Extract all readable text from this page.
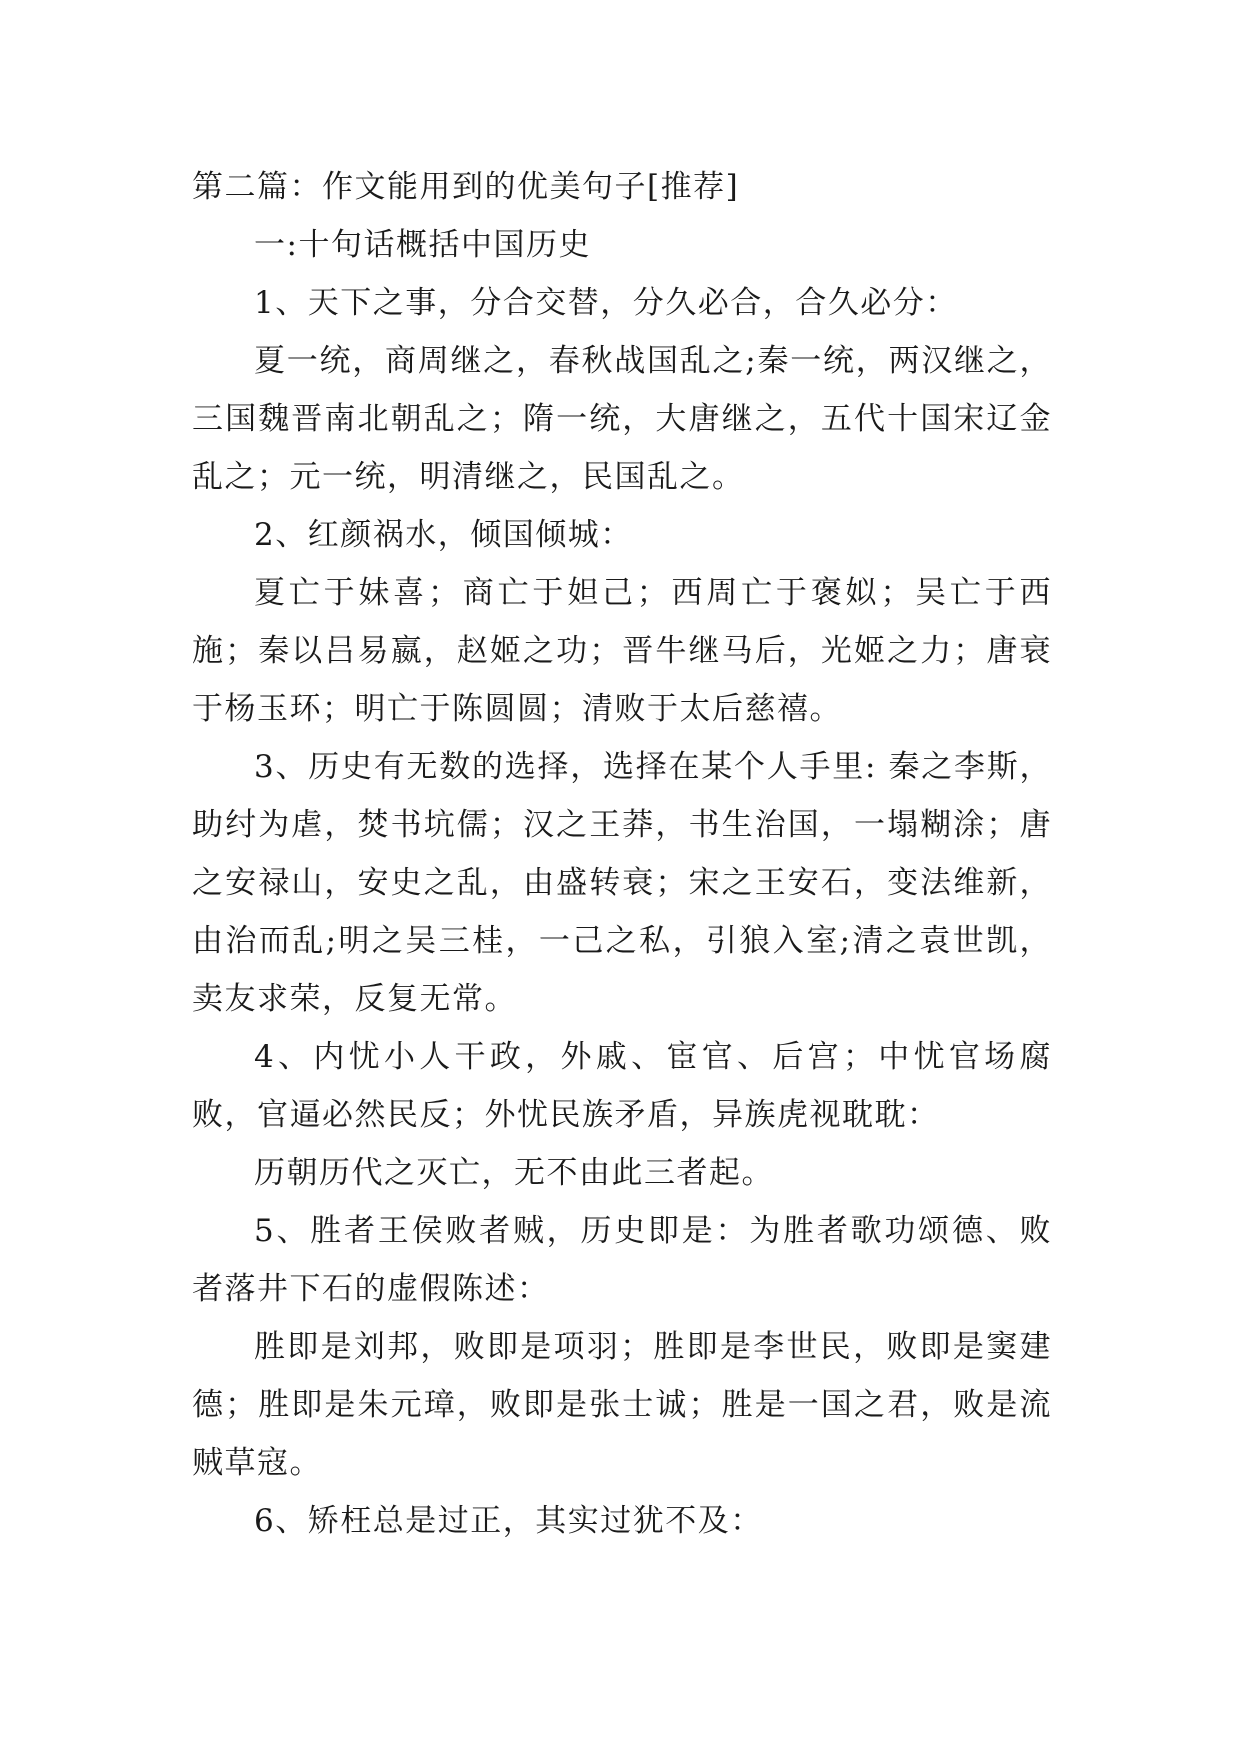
第二篇：作文能用到的优美句子[推荐]

一:十句话概括中国历史

1、天下之事，分合交替，分久必合，合久必分：

夏一统，商周继之，春秋战国乱之;秦一统，两汉继之，三国魏晋南北朝乱之；隋一统，大唐继之，五代十国宋辽金乱之；元一统，明清继之，民国乱之。

2、红颜祸水，倾国倾城：

夏亡于妹喜；商亡于妲己；西周亡于褒姒；吴亡于西施；秦以吕易嬴，赵姬之功；晋牛继马后，光姬之力；唐衰于杨玉环；明亡于陈圆圆；清败于太后慈禧。

3、历史有无数的选择，选择在某个人手里: 秦之李斯，助纣为虐，焚书坑儒；汉之王莽，书生治国，一塌糊涂；唐之安禄山，安史之乱，由盛转衰；宋之王安石，变法维新，由治而乱;明之吴三桂，一己之私，引狼入室;清之袁世凯，卖友求荣，反复无常。

4、内忧小人干政，外戚、宦官、后宫；中忧官场腐败，官逼必然民反；外忧民族矛盾，异族虎视耽耽：

历朝历代之灭亡，无不由此三者起。

5、胜者王侯败者贼，历史即是：为胜者歌功颂德、败者落井下石的虚假陈述：

胜即是刘邦，败即是项羽；胜即是李世民，败即是窦建德；胜即是朱元璋，败即是张士诚；胜是一国之君，败是流贼草寇。

6、矫枉总是过正，其实过犹不及：
